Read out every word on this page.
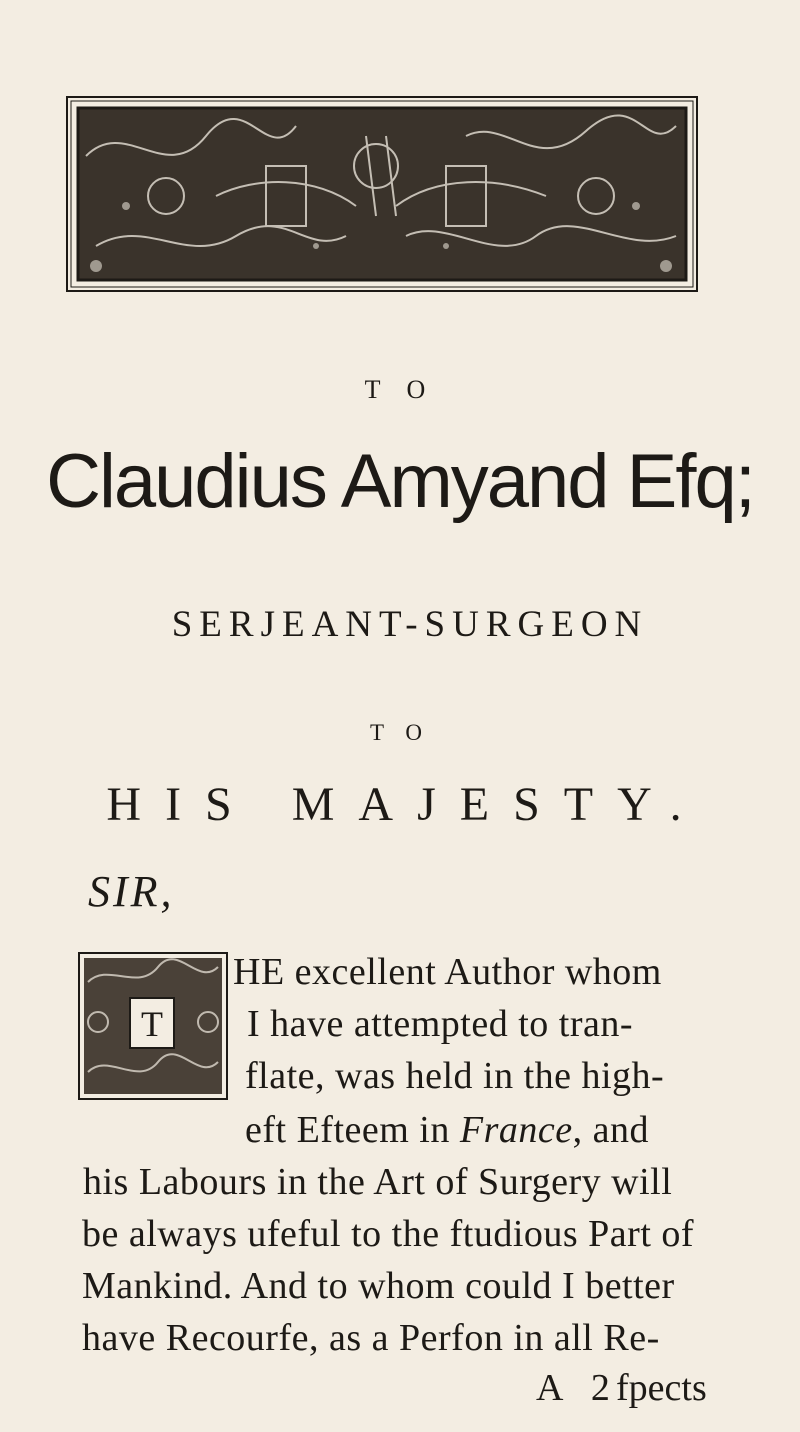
T O
Claudius Amyand Efq;
SERJEANT-SURGEON
T O
HIS MAJESTY.
SIR,
T
HE excellent Author whom
I have attempted to tran-
flate, was held in the high-
eft Efteem in France, and
his Labours in the Art of Surgery will
be always ufeful to the ftudious Part of
Mankind. And to whom could I better
have Recourfe, as a Perfon in all Re-
A 2
fpects
